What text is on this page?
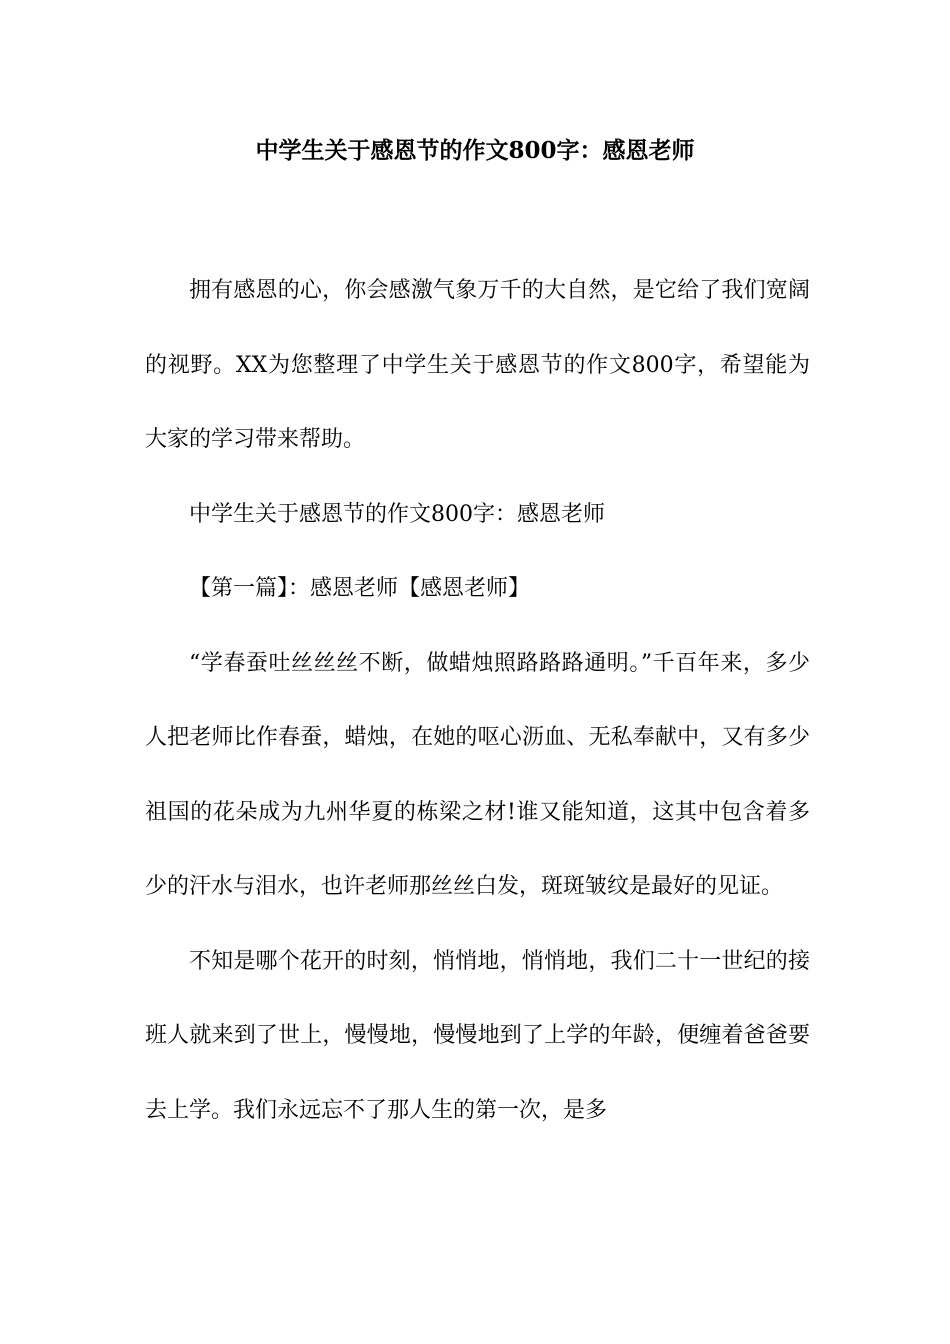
中学生关于感恩节的作文800字：感恩老师

拥有感恩的心，你会感激气象万千的大自然，是它给了我们宽阔的视野。XX为您整理了中学生关于感恩节的作文800字，希望能为大家的学习带来帮助。

中学生关于感恩节的作文800字：感恩老师

【第一篇】：感恩老师【感恩老师】

“学春蚕吐丝丝丝不断，做蜡烛照路路路通明。”千百年来，多少人把老师比作春蚕，蜡烛，在她的呕心沥血、无私奉献中，又有多少祖国的花朵成为九州华夏的栋梁之材!谁又能知道，这其中包含着多少的汗水与泪水，也许老师那丝丝白发，斑斑皱纹是最好的见证。

不知是哪个花开的时刻，悄悄地，悄悄地，我们二十一世纪的接班人就来到了世上，慢慢地，慢慢地到了上学的年龄，便缠着爸爸要去上学。我们永远忘不了那人生的第一次，是多
